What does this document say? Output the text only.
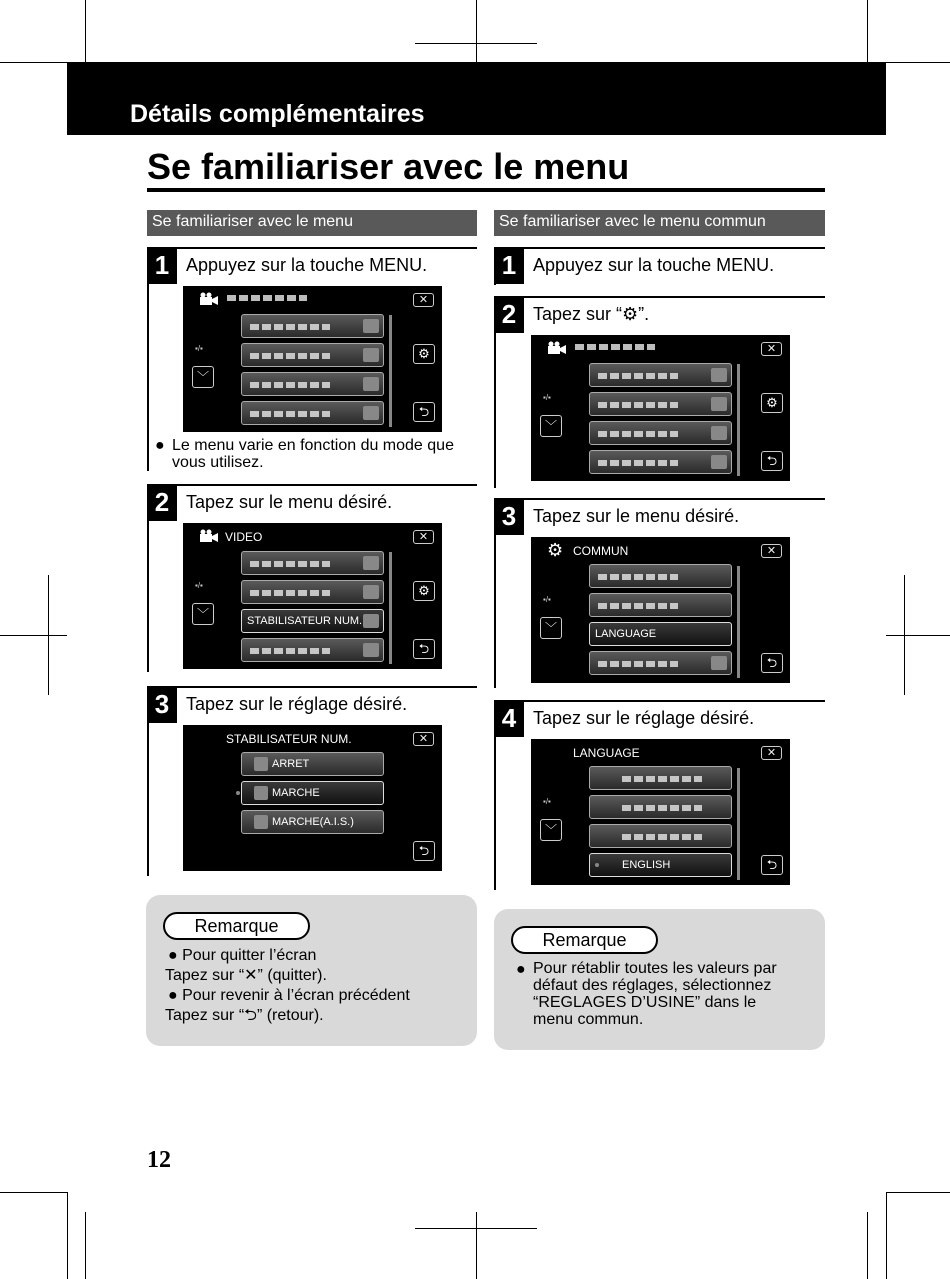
Détails complémentaires
Se familiariser avec le menu
Se familiariser avec le menu
1 Appuyez sur la touche MENU.
✕
▪/▪
﹀
⚙
⮌
● Le menu varie en fonction du mode que
vous utilisez.
2 Tapez sur le menu désiré.
VIDEO	✕
STABILISATEUR NUM.
▪/▪
﹀
⚙
⮌
3 Tapez sur le réglage désiré.
STABILISATEUR NUM.	✕
ARRET
MARCHE
MARCHE(A.I.S.)
⮌
Remarque
● Pour quitter l’écran
Tapez sur “✕” (quitter).
● Pour revenir à l’écran précédent
Tapez sur “⮌” (retour).
Se familiariser avec le menu commun
1 Appuyez sur la touche MENU.
2 Tapez sur “⚙”.
✕
▪/▪
﹀
⚙
⮌
3 Tapez sur le menu désiré.
⚙ COMMUN	✕
LANGUAGE
▪/▪
﹀
⮌
4 Tapez sur le réglage désiré.
LANGUAGE	✕
ENGLISH
▪/▪
﹀
⮌
Remarque
● Pour rétablir toutes les valeurs par
défaut des réglages, sélectionnez
“REGLAGES D’USINE” dans le
menu commun.
12
